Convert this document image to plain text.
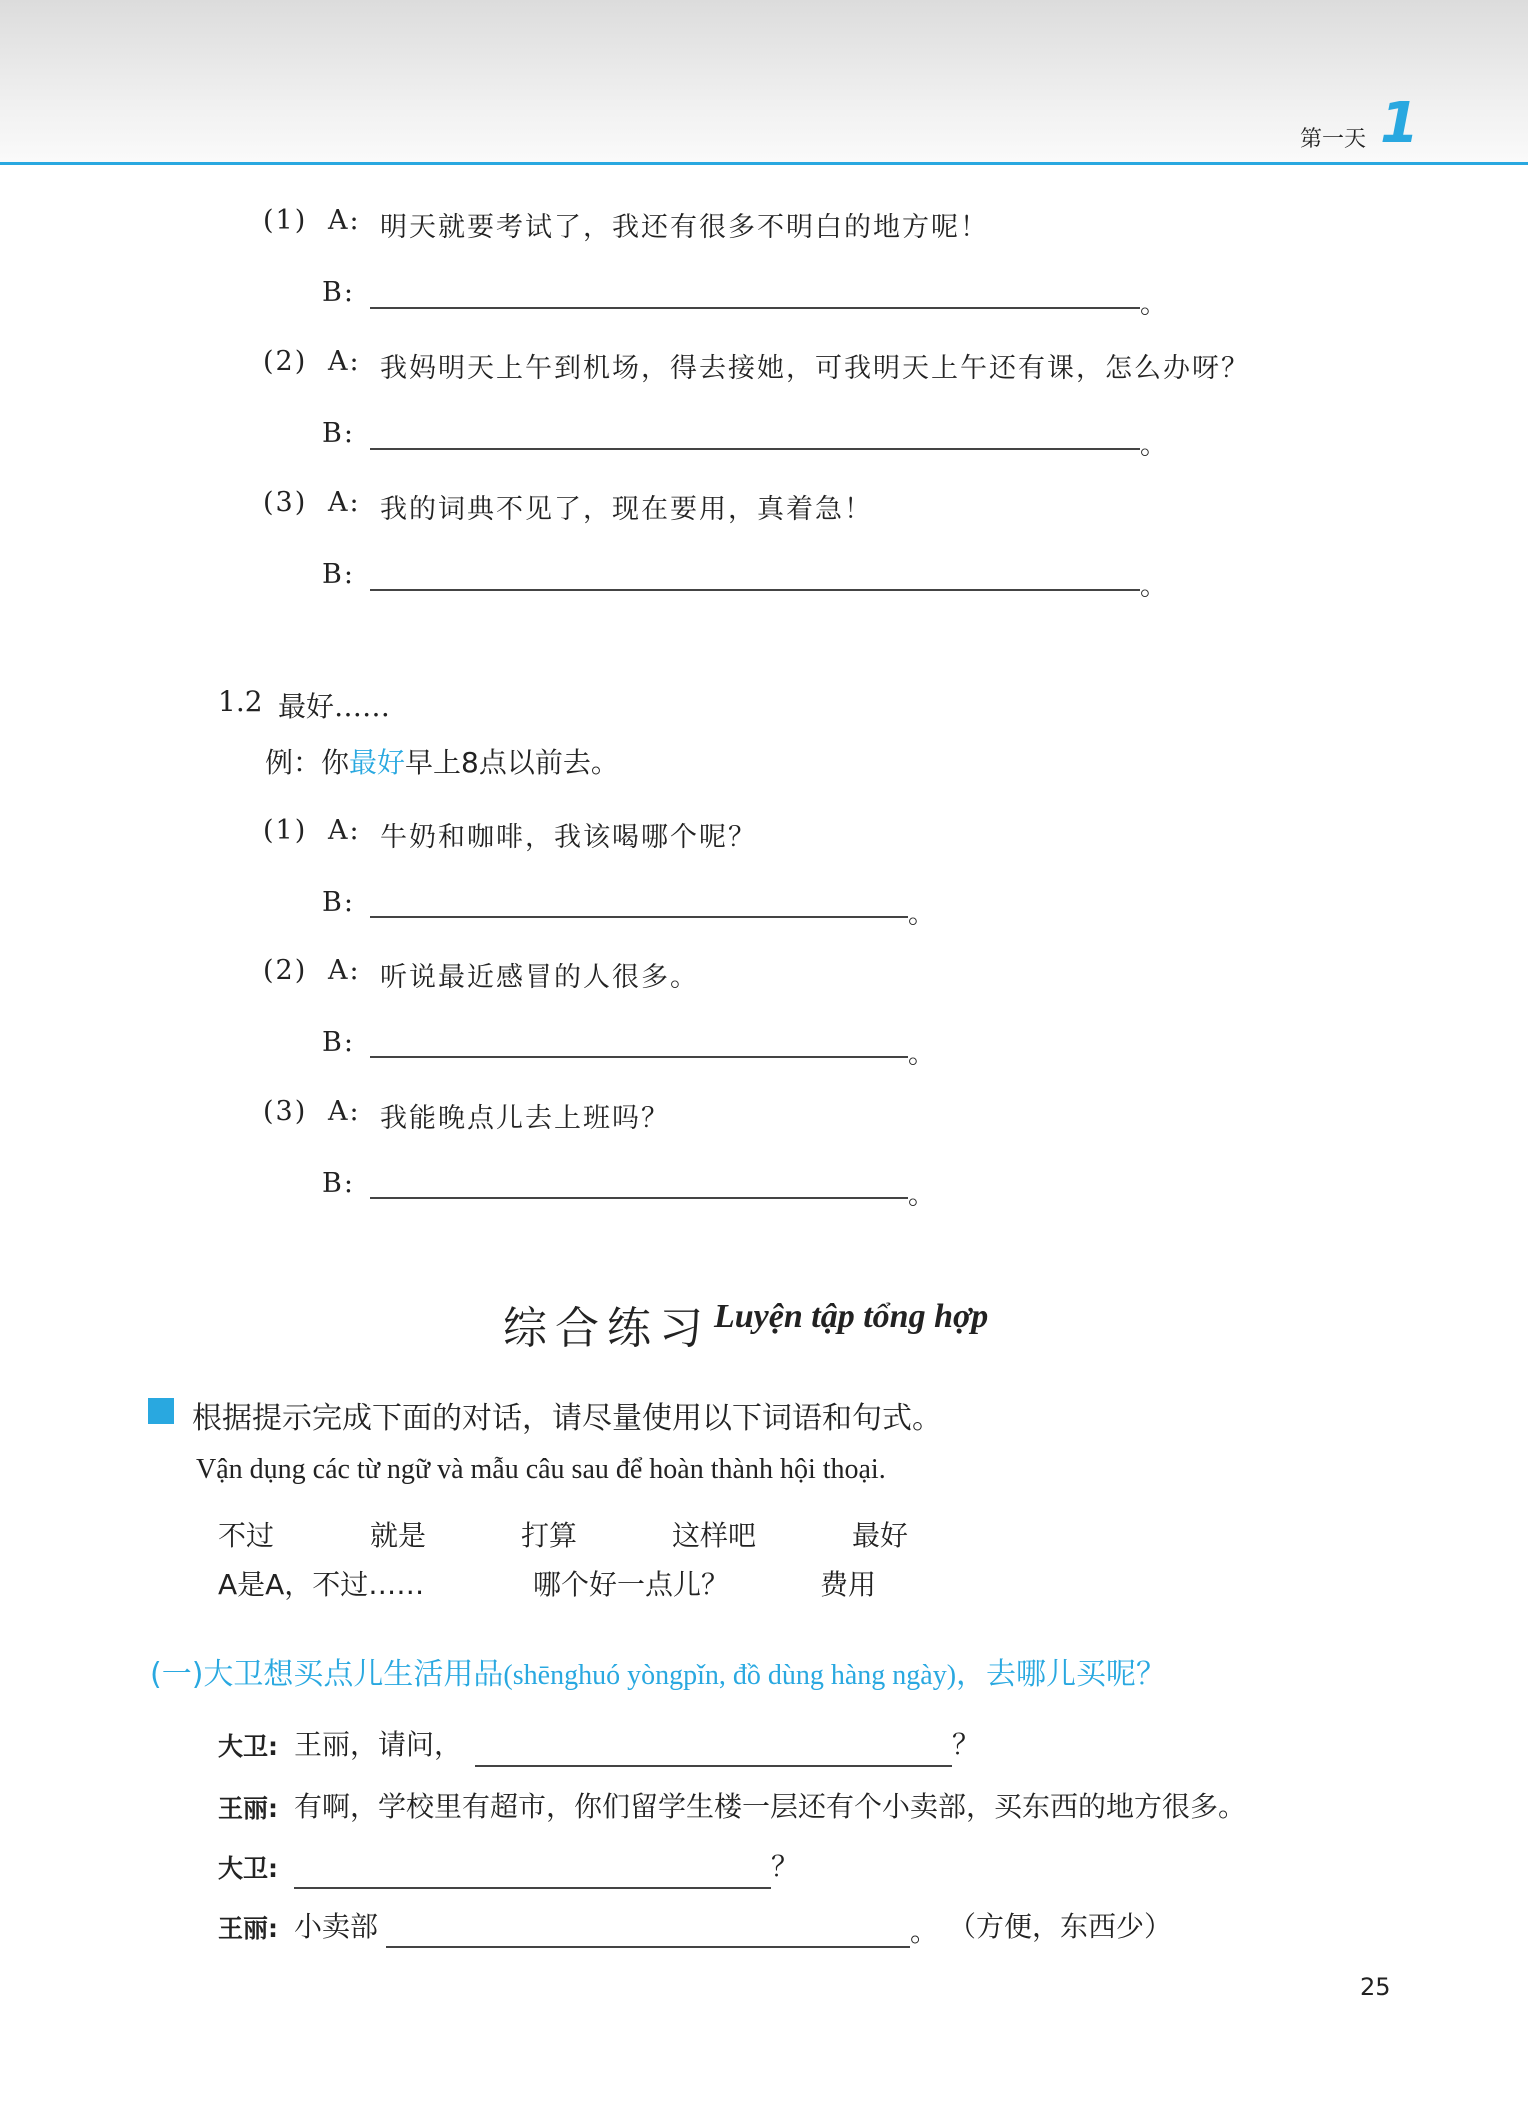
第一天 1
(1) A: 明天就要考试了，我还有很多不明白的地方呢！
B:	。
(2) A: 我妈明天上午到机场，得去接她，可我明天上午还有课，怎么办呀？
B:	。
(3) A: 我的词典不见了，现在要用，真着急！
B:	。
1.2 最好……
例：你最好早上8点以前去。
(1) A: 牛奶和咖啡，我该喝哪个呢？
B:	。
(2) A: 听说最近感冒的人很多。
B:	。
(3) A: 我能晚点儿去上班吗？
B:	。
综合练习 Luyện tập tổng hợp
根据提示完成下面的对话，请尽量使用以下词语和句式。
Vận dụng các từ ngữ và mẫu câu sau để hoàn thành hội thoại.
不过	就是	打算	这样吧	最好
A是A，不过……	哪个好一点儿？	费用
(一)大卫想买点儿生活用品(shēnghuó yòngpǐn, đồ dùng hàng ngày)，去哪儿买呢？
大卫: 王丽，请问，	？
王丽: 有啊，学校里有超市，你们留学生楼一层还有个小卖部，买东西的地方很多。
大卫:	？
王丽: 小卖部	。 （方便，东西少）
25
